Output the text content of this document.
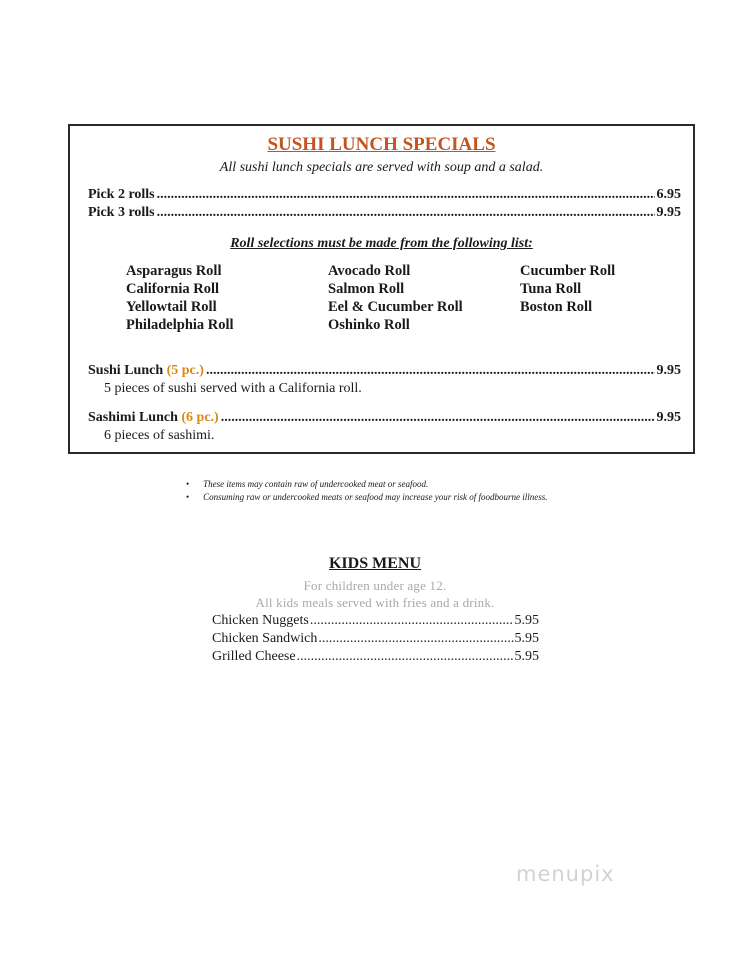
SUSHI LUNCH SPECIALS
All sushi lunch specials are served with soup and a salad.
Pick 2 rolls .....	6.95
Pick 3 rolls .....	9.95
Roll selections must be made from the following list:
Asparagus Roll	Avocado Roll	Cucumber Roll
California Roll	Salmon Roll	Tuna Roll
Yellowtail Roll	Eel & Cucumber Roll	Boston Roll
Philadelphia Roll	Oshinko Roll
Sushi Lunch (5 pc.) .....	9.95
5 pieces of sushi served with a California roll.
Sashimi Lunch (6 pc.) .....	9.95
6 pieces of sashimi.
• These items may contain raw of undercooked meat or seafood.
• Consuming raw or undercooked meats or seafood may increase your risk of foodbourne illness.
KIDS MENU
For children under age 12.
All kids meals served with fries and a drink.
Chicken Nuggets .....	5.95
Chicken Sandwich .....	5.95
Grilled Cheese .....	5.95
menupix
